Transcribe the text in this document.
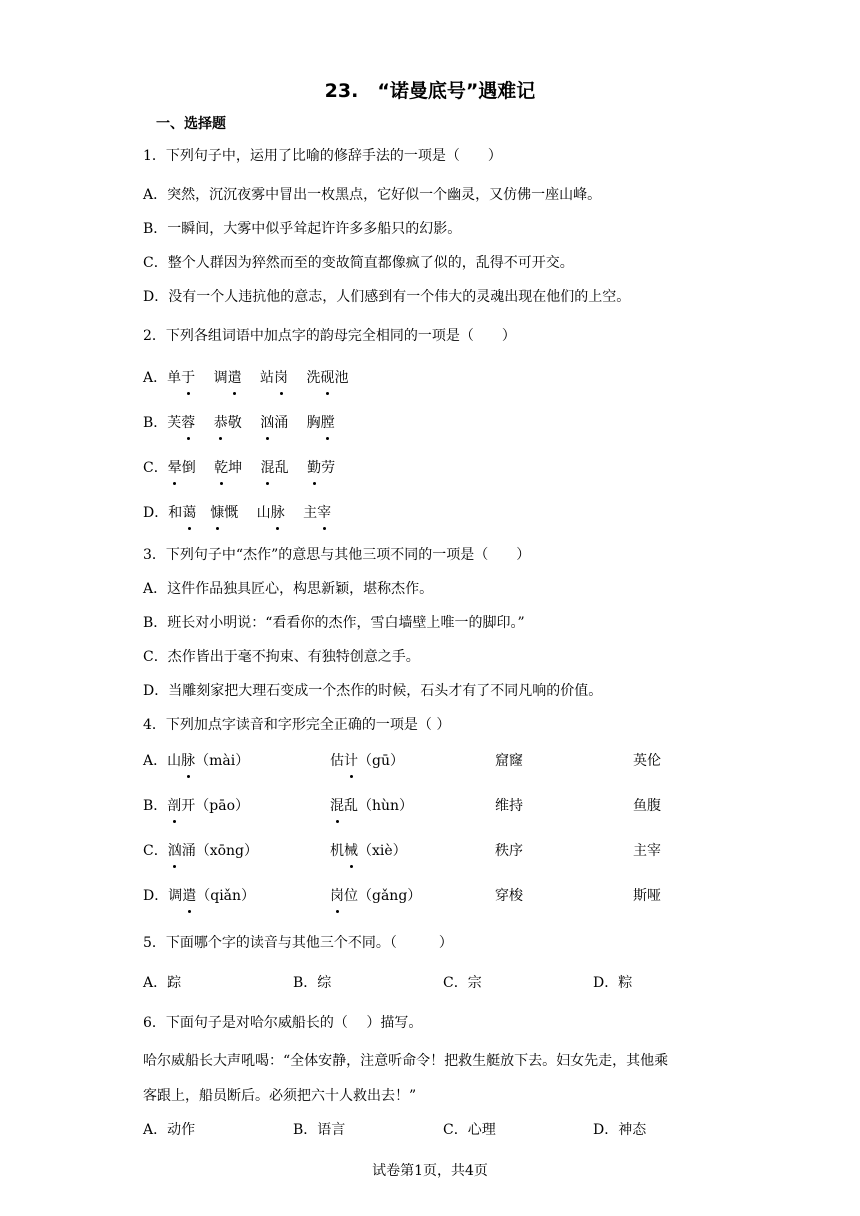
23.　“诺曼底号”遇难记
一、选择题
1．下列句子中，运用了比喻的修辞手法的一项是（　　）
A．突然，沉沉夜雾中冒出一枚黑点，它好似一个幽灵，又仿佛一座山峰。
B．一瞬间，大雾中似乎耸起许许多多船只的幻影。
C．整个人群因为猝然而至的变故简直都像疯了似的，乱得不可开交。
D．没有一个人违抗他的意志，人们感到有一个伟大的灵魂出现在他们的上空。
2．下列各组词语中加点字的韵母完全相同的一项是（　　）
A．单于　 调遣　 站岗　 洗砚池
B．芙蓉　 恭敬　 汹涌　 胸膛
C．晕倒　 乾坤　 混乱　 勤劳
D．和蔼　 慷慨　 山脉　 主宰
3．下列句子中“杰作”的意思与其他三项不同的一项是（　　）
A．这件作品独具匠心，构思新颖，堪称杰作。
B．班长对小明说：“看看你的杰作，雪白墙壁上唯一的脚印。”
C．杰作皆出于毫不拘束、有独特创意之手。
D．当雕刻家把大理石变成一个杰作的时候，石头才有了不同凡响的价值。
4．下列加点字读音和字形完全正确的一项是（ ）
A．山脉（mài）	估计（gū）	窟窿	英伦
B．剖开（pāo）	混乱（hùn）	维持	鱼腹
C．汹涌（xōng）	机械（xiè）	秩序	主宰
D．调遣（qiǎn）	岗位（gǎng）	穿梭	斯哑
5．下面哪个字的读音与其他三个不同。（　　　）
A．踪	B．综	C．宗	D．粽
6．下面句子是对哈尔威船长的（　 ）描写。
哈尔威船长大声吼喝：“全体安静，注意听命令！把救生艇放下去。妇女先走，其他乘
客跟上，船员断后。必须把六十人救出去！”
A．动作	B．语言	C．心理	D．神态
试卷第1页，共4页
